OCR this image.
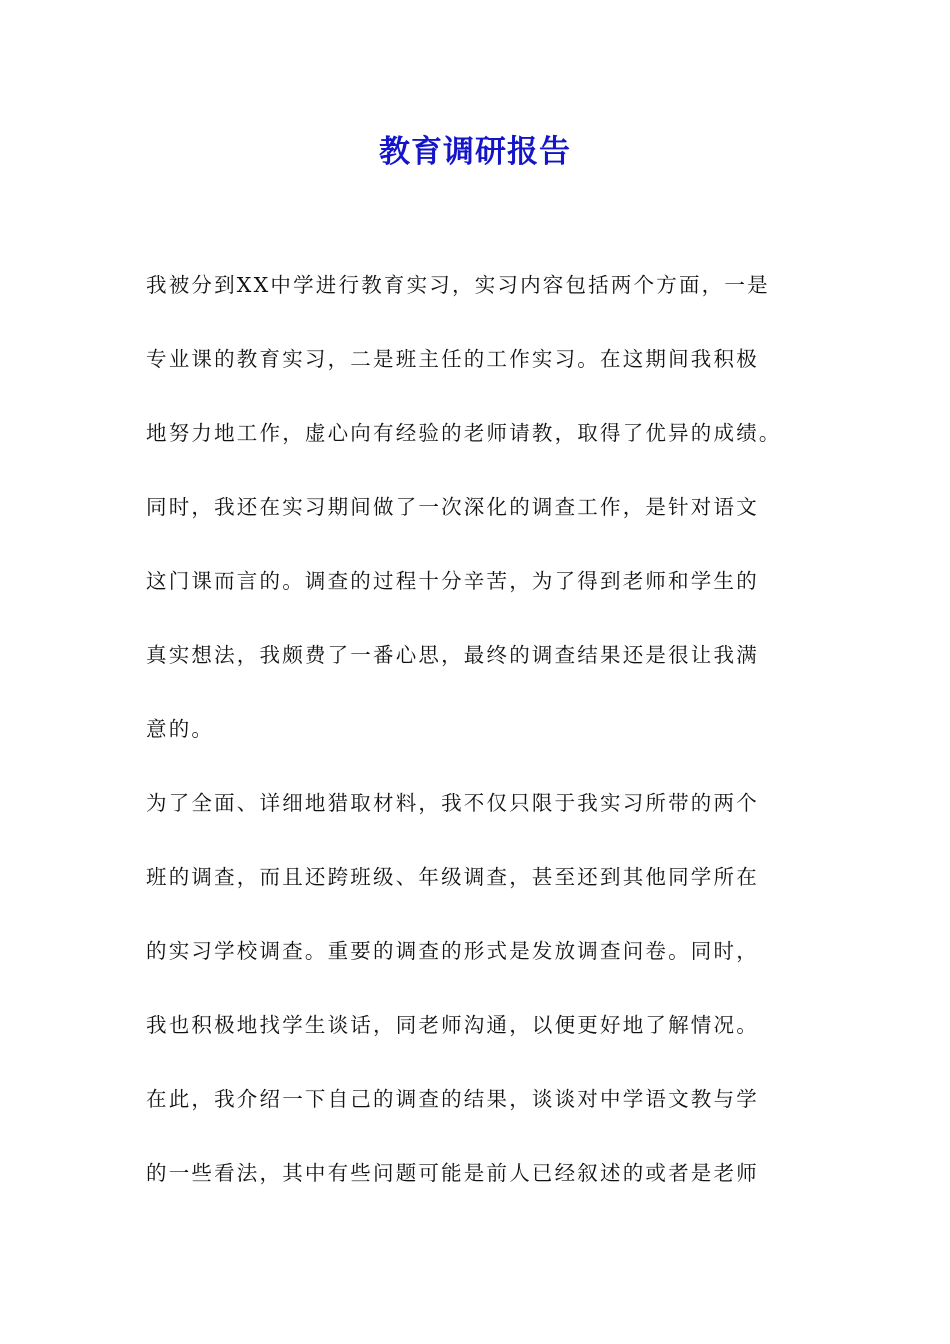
教育调研报告
我被分到XX中学进行教育实习，实习内容包括两个方面，一是
专业课的教育实习，二是班主任的工作实习。在这期间我积极
地努力地工作，虚心向有经验的老师请教，取得了优异的成绩。
同时，我还在实习期间做了一次深化的调查工作，是针对语文
这门课而言的。调查的过程十分辛苦，为了得到老师和学生的
真实想法，我颇费了一番心思，最终的调查结果还是很让我满
意的。
为了全面、详细地猎取材料，我不仅只限于我实习所带的两个
班的调查，而且还跨班级、年级调查，甚至还到其他同学所在
的实习学校调查。重要的调查的形式是发放调查问卷。同时，
我也积极地找学生谈话，同老师沟通，以便更好地了解情况。
在此，我介绍一下自己的调查的结果，谈谈对中学语文教与学
的一些看法，其中有些问题可能是前人已经叙述的或者是老师
